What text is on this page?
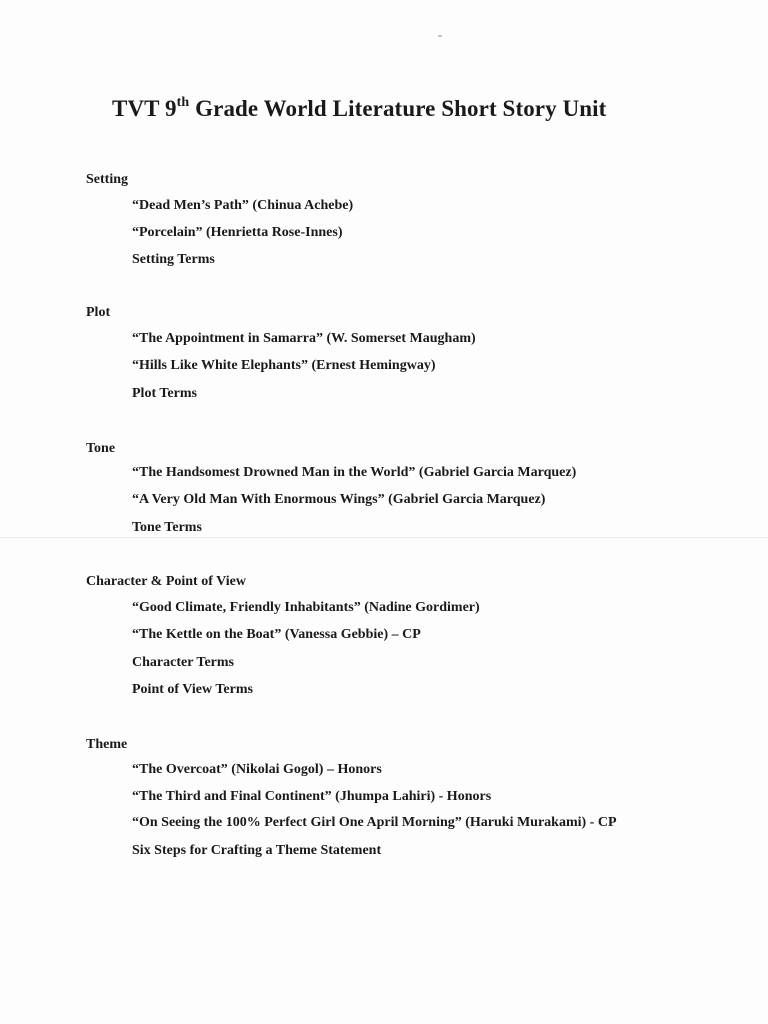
TVT 9th Grade World Literature Short Story Unit
Setting
“Dead Men’s Path” (Chinua Achebe)
“Porcelain” (Henrietta Rose-Innes)
Setting Terms
Plot
“The Appointment in Samarra” (W. Somerset Maugham)
“Hills Like White Elephants” (Ernest Hemingway)
Plot Terms
Tone
“The Handsomest Drowned Man in the World” (Gabriel Garcia Marquez)
“A Very Old Man With Enormous Wings” (Gabriel Garcia Marquez)
Tone Terms
Character & Point of View
“Good Climate, Friendly Inhabitants” (Nadine Gordimer)
“The Kettle on the Boat” (Vanessa Gebbie) – CP
Character Terms
Point of View Terms
Theme
“The Overcoat” (Nikolai Gogol) – Honors
“The Third and Final Continent” (Jhumpa Lahiri) - Honors
“On Seeing the 100% Perfect Girl One April Morning” (Haruki Murakami) - CP
Six Steps for Crafting a Theme Statement
